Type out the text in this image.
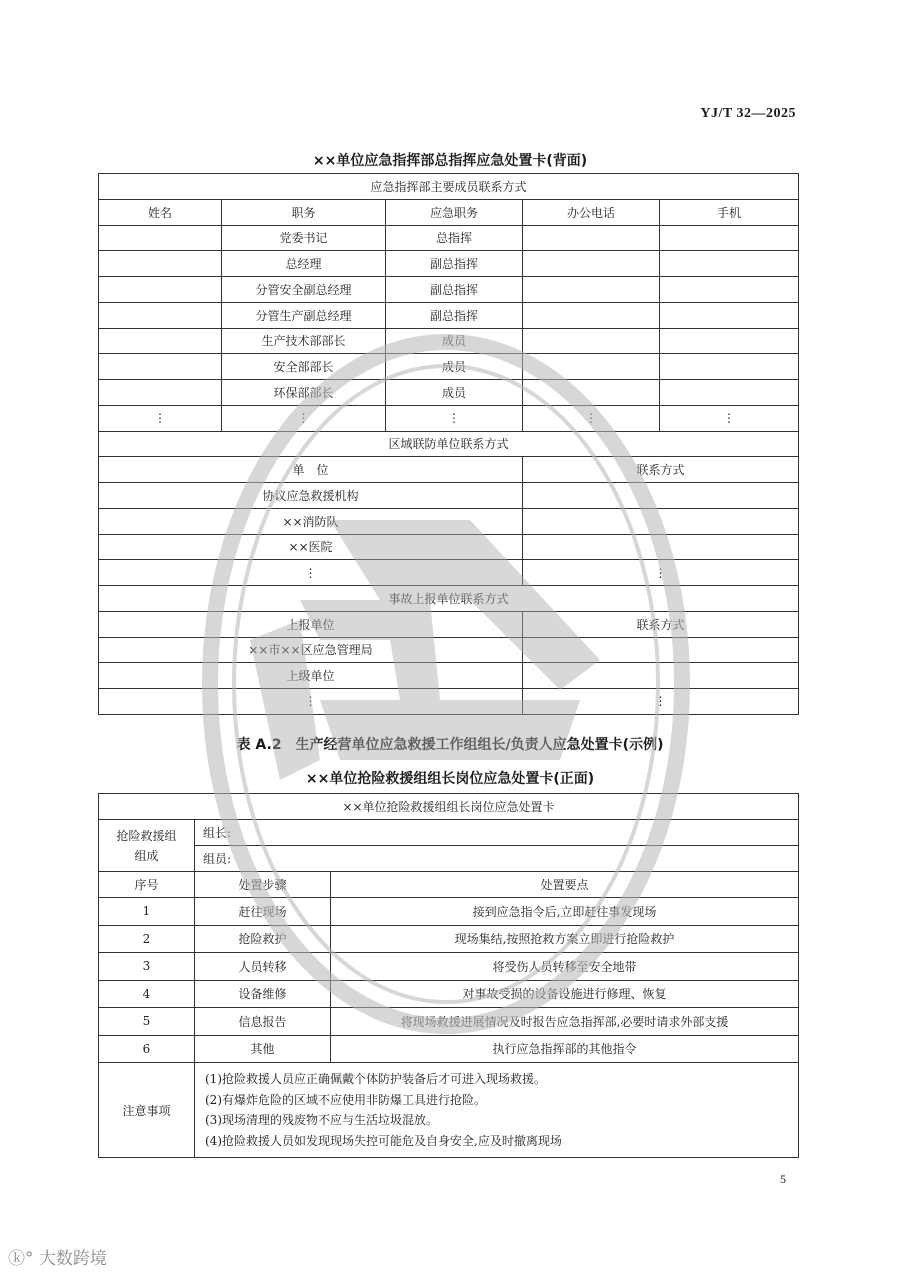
YJ/T 32—2025
××单位应急指挥部总指挥应急处置卡(背面)
应急指挥部主要成员联系方式				
姓名	职务	应急职务	办公电话	手机
	党委书记	总指挥		
	总经理	副总指挥		
	分管安全副总经理	副总指挥		
	分管生产副总经理	副总指挥		
	生产技术部部长	成员		
	安全部部长	成员		
	环保部部长	成员		
⋮	⋮	⋮	⋮	⋮
区域联防单位联系方式				
单　位			联系方式	
协议应急救援机构				
××消防队				
××医院				
⋮			⋮	
事故上报单位联系方式				
上报单位			联系方式	
××市××区应急管理局				
上级单位				
⋮			⋮	
表 A.2　生产经营单位应急救援工作组组长/负责人应急处置卡(示例)
××单位抢险救援组组长岗位应急处置卡(正面)
××单位抢险救援组组长岗位应急处置卡		
抢险救援组组成	组长:	
	组员:	
序号	处置步骤	处置要点
1	赶往现场	接到应急指令后,立即赶往事发现场
2	抢险救护	现场集结,按照抢救方案立即进行抢险救护
3	人员转移	将受伤人员转移至安全地带
4	设备维修	对事故受损的设备设施进行修理、恢复
5	信息报告	将现场救援进展情况及时报告应急指挥部,必要时请求外部支援
6	其他	执行应急指挥部的其他指令
注意事项	(1)抢险救援人员应正确佩戴个体防护装备后才可进入现场救援。
(2)有爆炸危险的区域不应使用非防爆工具进行抢险。
(3)现场清理的残废物不应与生活垃圾混放。
(4)抢险救援人员如发现现场失控可能危及自身安全,应及时撤离现场	
5
ⓚ° 大数跨境
